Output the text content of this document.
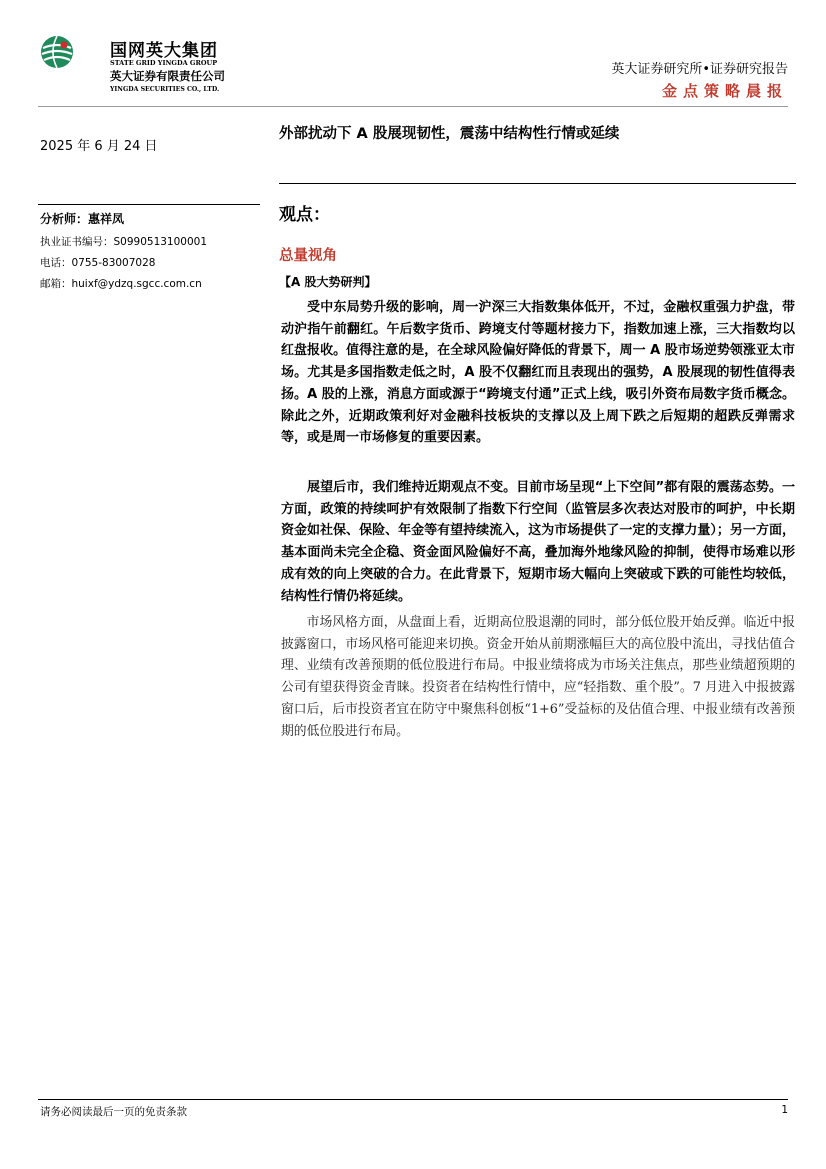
国网英大集团
STATE GRID YINGDA GROUP
英大证券有限责任公司
YINGDA SECURITIES CO., LTD.
英大证券研究所•证券研究报告
金点策略晨报
2025 年 6 月 24 日
分析师：惠祥凤
执业证书编号：S0990513100001
电话：0755-83007028
邮箱：huixf@ydzq.sgcc.com.cn
外部扰动下 A 股展现韧性，震荡中结构性行情或延续
观点：
总量视角
【A 股大势研判】

受中东局势升级的影响，周一沪深三大指数集体低开，不过，金融权重强力护盘，带动沪指午前翻红。午后数字货币、跨境支付等题材接力下，指数加速上涨，三大指数均以红盘报收。值得注意的是，在全球风险偏好降低的背景下，周一 A 股市场逆势领涨亚太市场。尤其是多国指数走低之时，A 股不仅翻红而且表现出的强势，A 股展现的韧性值得表扬。A 股的上涨，消息方面或源于“跨境支付通”正式上线，吸引外资布局数字货币概念。除此之外，近期政策利好对金融科技板块的支撑以及上周下跌之后短期的超跌反弹需求等，或是周一市场修复的重要因素。

展望后市，我们维持近期观点不变。目前市场呈现“上下空间”都有限的震荡态势。一方面，政策的持续呵护有效限制了指数下行空间（监管层多次表达对股市的呵护，中长期资金如社保、保险、年金等有望持续流入，这为市场提供了一定的支撑力量）；另一方面，基本面尚未完全企稳、资金面风险偏好不高，叠加海外地缘风险的抑制，使得市场难以形成有效的向上突破的合力。在此背景下，短期市场大幅向上突破或下跌的可能性均较低，结构性行情仍将延续。

市场风格方面，从盘面上看，近期高位股退潮的同时，部分低位股开始反弹。临近中报披露窗口，市场风格可能迎来切换。资金开始从前期涨幅巨大的高位股中流出，寻找估值合理、业绩有改善预期的低位股进行布局。中报业绩将成为市场关注焦点，那些业绩超预期的公司有望获得资金青睐。投资者在结构性行情中，应“轻指数、重个股”。7 月进入中报披露窗口后，后市投资者宜在防守中聚焦科创板“1+6”受益标的及估值合理、中报业绩有改善预期的低位股进行布局。

请务必阅读最后一页的免责条款	1
